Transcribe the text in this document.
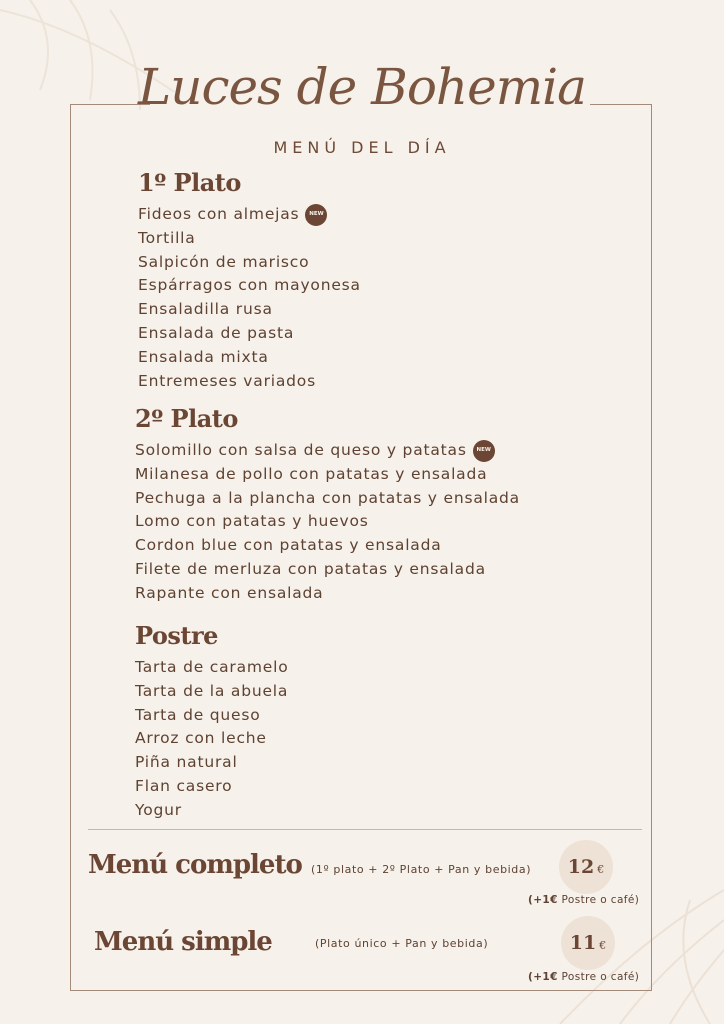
Luces de Bohemia
MENÚ DEL DÍA
1º Plato
Fideos con almejas	NEW
Tortilla
Salpicón de marisco
Espárragos con mayonesa
Ensaladilla rusa
Ensalada de pasta
Ensalada mixta
Entremeses variados
2º Plato
Solomillo con salsa de queso y patatas	NEW
Milanesa de pollo con patatas y ensalada
Pechuga a la plancha con patatas y ensalada
Lomo con patatas y huevos
Cordon blue con patatas y ensalada
Filete de merluza con patatas y ensalada
Rapante con ensalada
Postre
Tarta de caramelo
Tarta de la abuela
Tarta de queso
Arroz con leche
Piña natural
Flan casero
Yogur
Menú completo (1º plato + 2º Plato + Pan y bebida) 12 €
(+1€ Postre o café)
Menú simple	(Plato único + Pan y bebida)	11 €
(+1€ Postre o café)
